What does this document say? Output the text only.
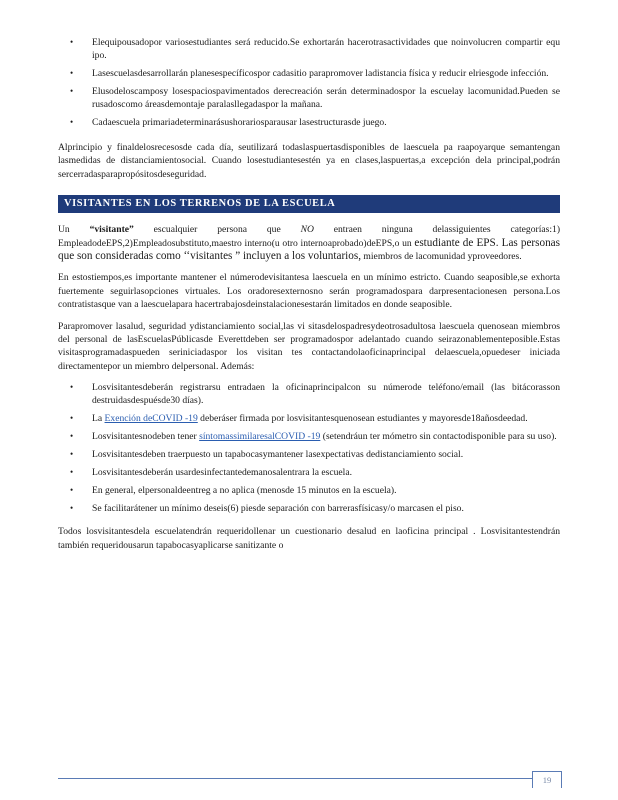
• Elequipousadopor variosestudiantes será reducido.Se exhortarán hacerotrasactividades que noinvolucren compartir equ ipo.
• Lasescuelasdesarrollarán planesespecíficospor cadasitio parapromover ladistancia física y reducir elriesgode infección.
• Elusodeloscamposy losespaciospavimentados derecreación serán determinadospor la escuelay lacomunidad.Pueden se rusadoscomo áreasdemontaje paralasllegadaspor la mañana.
• Cadaescuela primariadeterminarásushorariosparausar lasestructurasde juego.

Alprincipio y finaldelosrecesosde cada día, seutilizará todaslaspuertasdisponibles de laescuela pa raapoyarque semantengan lasmedidas de distanciamientosocial. Cuando losestudiantesestén ya en clases,laspuertas,a excepción dela principal,podrán sercerradasparapropósitosdeseguridad.

VISITANTES EN LOS TERRENOS DE LA ESCUELA

Un “visitante” escualquier persona que NO entraen ninguna delassiguientes categorías:1) EmpleadodeEPS,2)Empleadosubstituto,maestro interno(u otro internoaprobado)deEPS,o un estudiante de EPS. Las personas que son consideradas como ‘‘visitantes ” incluyen a los voluntarios, miembros de lacomunidad yproveedores.

En estostiempos,es importante mantener el númerodevisitantesa laescuela en un mínimo estricto. Cuando seaposible,se exhorta fuertemente seguirlasopciones virtuales. Los oradoresexternosno serán programadospara darpresentacionesen persona.Los contratistasque van a laescuelapara hacertrabajosdeinstalacionesestarán limitados en donde seaposible.

Parapromover lasalud, seguridad ydistanciamiento social,las vi sitasdelospadresydeotrosadultosa laescuela quenosean miembros del personal de lasEscuelasPúblicasde Everettdeben ser programadospor adelantado cuando seirazonablementeposible.Estas visitasprogramadaspueden seriniciadaspor los visitan tes contactandolaoficinaprincipal delaescuela,opuedeser iniciada directamentepor un miembro delpersonal. Además:

• Losvisitantesdeberán registrarsu entradaen la oficinaprincipalcon su númerode teléfono/email (las bitácorasson destruidasdespuésde30 días).
• La Exención deCOVID -19 deberáser firmada por losvisitantesquenosean estudiantes y mayoresde18añosdeedad.
• Losvisitantesnodeben tener síntomassimilaresalCOVID -19 (setendráun ter mómetro sin contactodisponible para su uso).
• Losvisitantesdeben traerpuesto un tapabocasymantener lasexpectativas dedistanciamiento social.
• Losvisitantesdeberán usardesinfectantedemanosalentrara la escuela.
• En general, elpersonaldeentreg a no aplica (menosde 15 minutos en la escuela).
• Se facilitarátener un mínimo deseis(6) piesde separación con barrerasfísicasy/o marcasen el piso.

Todos losvisitantesdela escuelatendrán requeridollenar un cuestionario desalud en laoficina principal . Losvisitantestendrán también requeridousarun tapabocasyaplicarse sanitizante o

19
